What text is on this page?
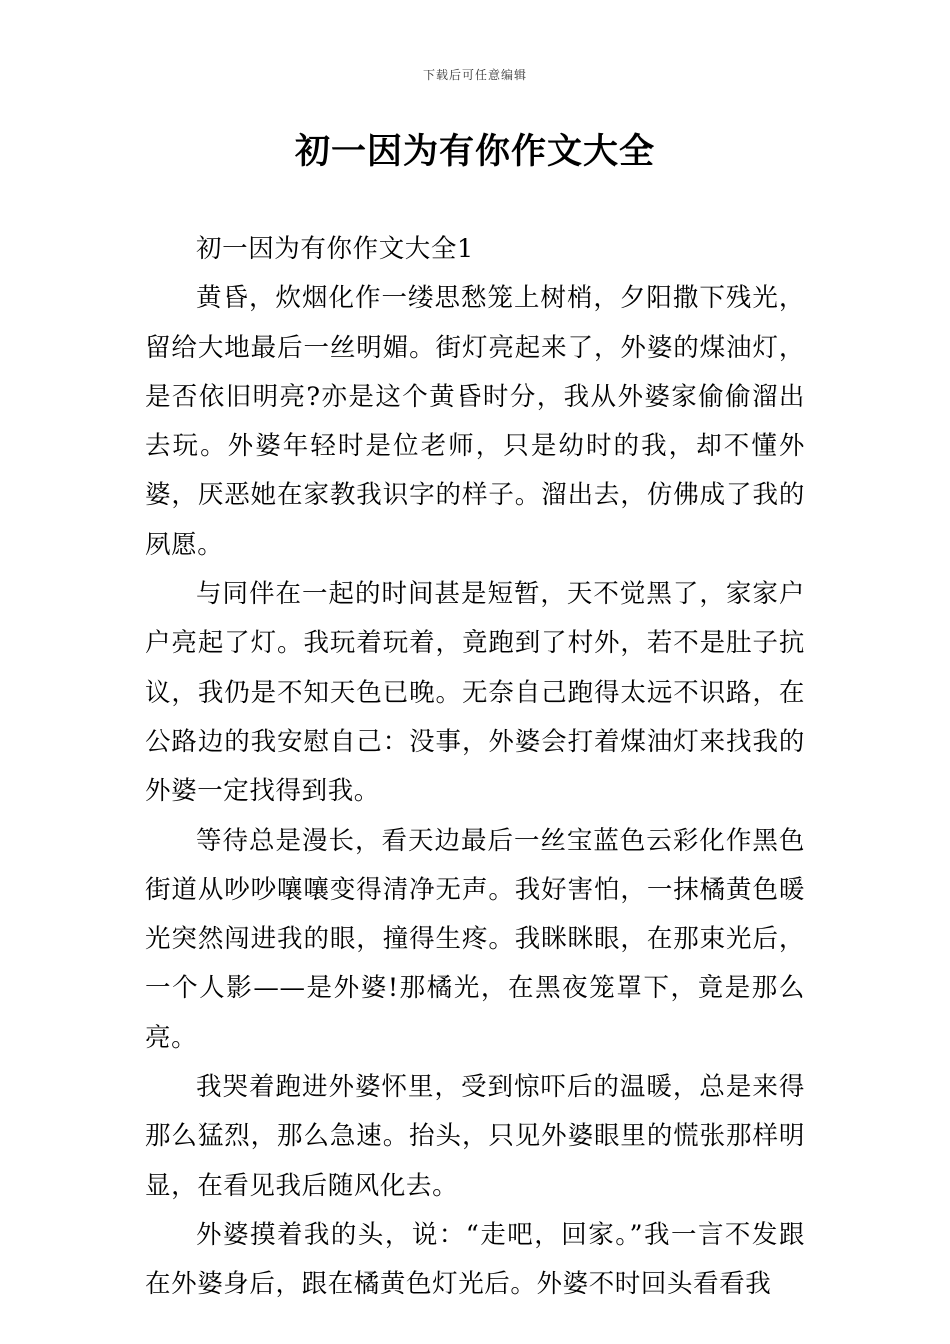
下载后可任意编辑
初一因为有你作文大全

初一因为有你作文大全1

黄昏，炊烟化作一缕思愁笼上树梢，夕阳撒下残光，留给大地最后一丝明媚。街灯亮起来了，外婆的煤油灯，是否依旧明亮?亦是这个黄昏时分，我从外婆家偷偷溜出去玩。外婆年轻时是位老师，只是幼时的我，却不懂外婆，厌恶她在家教我识字的样子。溜出去，仿佛成了我的夙愿。

与同伴在一起的时间甚是短暂，天不觉黑了，家家户户亮起了灯。我玩着玩着，竟跑到了村外，若不是肚子抗议，我仍是不知天色已晚。无奈自己跑得太远不识路，在公路边的我安慰自己：没事，外婆会打着煤油灯来找我的外婆一定找得到我。

等待总是漫长，看天边最后一丝宝蓝色云彩化作黑色街道从吵吵嚷嚷变得清净无声。我好害怕，一抹橘黄色暖光突然闯进我的眼，撞得生疼。我眯眯眼，在那束光后，一个人影——是外婆!那橘光，在黑夜笼罩下，竟是那么亮。

我哭着跑进外婆怀里，受到惊吓后的温暖，总是来得那么猛烈，那么急速。抬头，只见外婆眼里的慌张那样明显，在看见我后随风化去。

外婆摸着我的头，说：“走吧，回家。”我一言不发跟在外婆身后，跟在橘黄色灯光后。外婆不时回头看看我
